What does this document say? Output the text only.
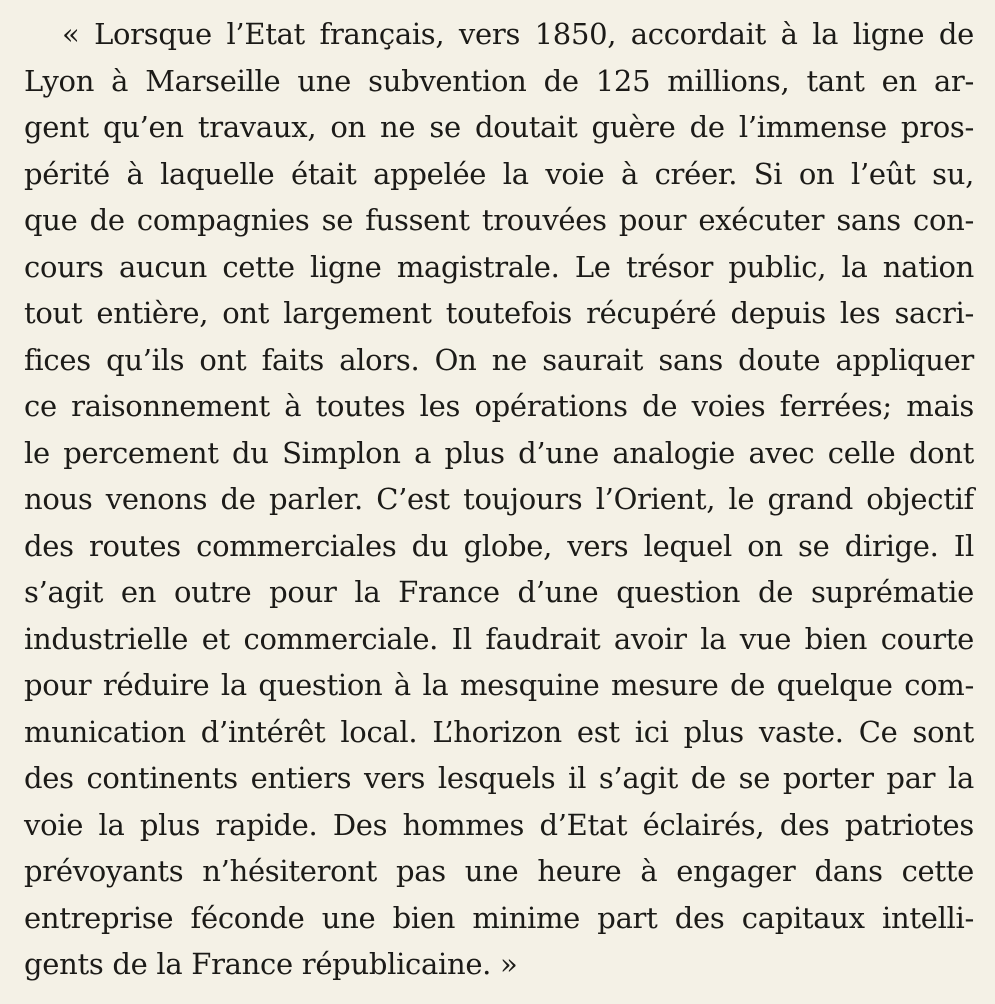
« Lorsque l’Etat français, vers 1850, accordait à la ligne de
Lyon à Marseille une subvention de 125 millions, tant en ar-
gent qu’en travaux, on ne se doutait guère de l’immense pros-
périté à laquelle était appelée la voie à créer. Si on l’eût su,
que de compagnies se fussent trouvées pour exécuter sans con-
cours aucun cette ligne magistrale. Le trésor public, la nation
tout entière, ont largement toutefois récupéré depuis les sacri-
fices qu’ils ont faits alors. On ne saurait sans doute appliquer
ce raisonnement à toutes les opérations de voies ferrées; mais
le percement du Simplon a plus d’une analogie avec celle dont
nous venons de parler. C’est toujours l’Orient, le grand objectif
des routes commerciales du globe, vers lequel on se dirige. Il
s’agit en outre pour la France d’une question de suprématie
industrielle et commerciale. Il faudrait avoir la vue bien courte
pour réduire la question à la mesquine mesure de quelque com-
munication d’intérêt local. L’horizon est ici plus vaste. Ce sont
des continents entiers vers lesquels il s’agit de se porter par la
voie la plus rapide. Des hommes d’Etat éclairés, des patriotes
prévoyants n’hésiteront pas une heure à engager dans cette
entreprise féconde une bien minime part des capitaux intelli-
gents de la France républicaine. »
